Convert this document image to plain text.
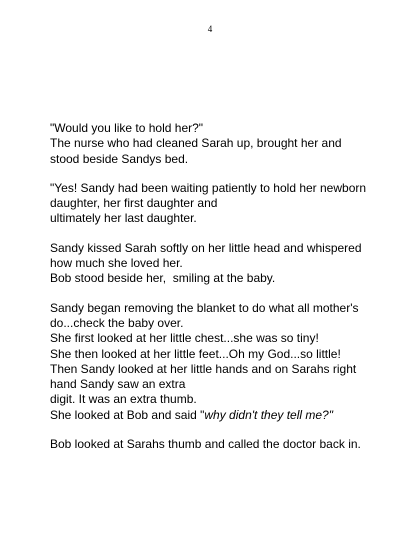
4

"Would you like to hold her?"
The nurse who had cleaned Sarah up, brought her and
stood beside Sandys bed.

"Yes! Sandy had been waiting patiently to hold her newborn
daughter, her first daughter and
ultimately her last daughter.

Sandy kissed Sarah softly on her little head and whispered
how much she loved her.
Bob stood beside her,  smiling at the baby.

Sandy began removing the blanket to do what all mother's
do...check the baby over.
She first looked at her little chest...she was so tiny!
She then looked at her little feet...Oh my God...so little!
Then Sandy looked at her little hands and on Sarahs right
hand Sandy saw an extra
digit. It was an extra thumb.
She looked at Bob and said "why didn't they tell me?"

Bob looked at Sarahs thumb and called the doctor back in.
